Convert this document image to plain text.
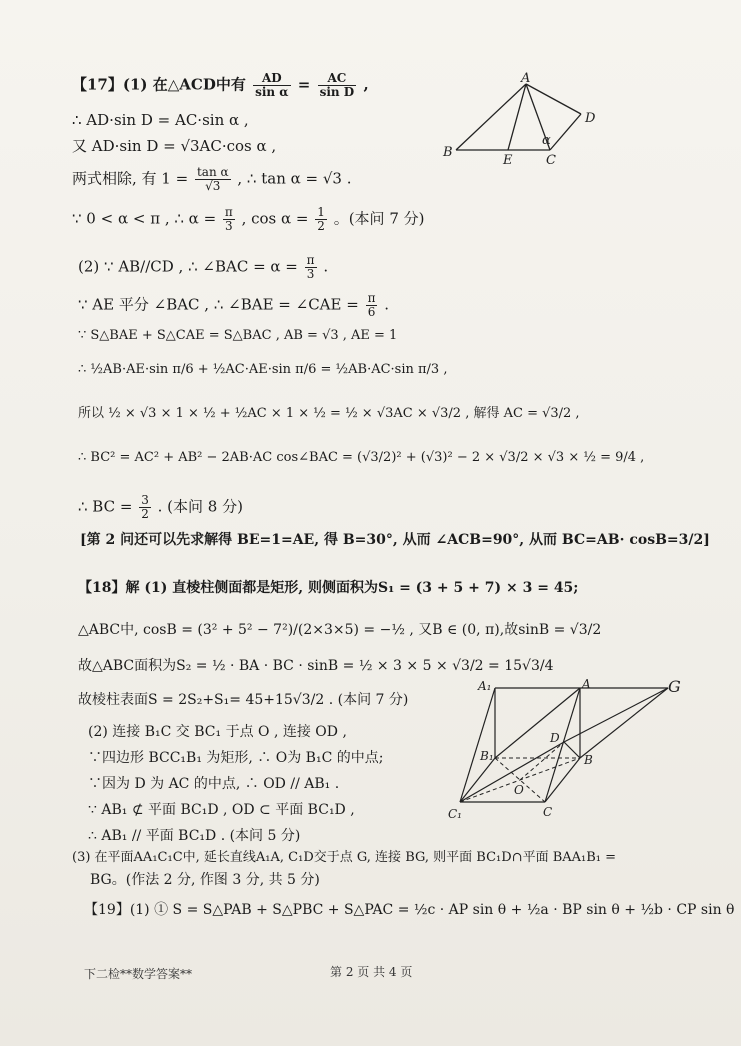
【17】(1) 在△ACD中有 $\frac{AD}{\text{sin α}} = \frac{AC}{\text{sin D}}$ ,
∴ AD·sin D = AC·sin α ,
又 AD·sin D = √3AC·cos α ,
两式相除, 有 $1 = \frac{\text{tan α}}{√3}$ , ∴ tan α = √3 .
∵ 0 < α < π , ∴ $\alpha = \frac{\pi}{3}$ , $\cos \alpha = \frac{1}{2}$ 。(本问 7 分)
A
B
C
D
E
α
(2) ∵ AB//CD , ∴ ∠BAC = $\alpha = \frac{\pi}{3}$ .
∵ AE 平分 ∠BAC , ∴ ∠BAE = ∠CAE = $\frac{\pi}{6}$ .
∵ S△BAE + S△CAE = S△BAC , AB = √3 , AE = 1
∴ ½AB·AE·sin π/6 + ½AC·AE·sin π/6 = ½AB·AC·sin π/3 ,
所以 ½ × √3 × 1 × ½ + ½AC × 1 × ½ = ½ × √3AC × √3/2 , 解得 AC = √3/2 ,
∴ BC² = AC² + AB² − 2AB·AC cos∠BAC = (√3/2)² + (√3)² − 2 × √3/2 × √3 × ½ = 9/4 ,
∴ BC = $\frac{3}{2}$ . (本问 8 分)
[第 2 问还可以先求解得 BE=1=AE, 得 B=30°, 从而 ∠ACB=90°, 从而 BC=AB· cosB=3/2]
【18】解 (1) 直棱柱侧面都是矩形, 则侧面积为S₁ = (3 + 5 + 7) × 3 = 45;
△ABC中, cosB = (3² + 5² − 7²)/(2×3×5) = −½ , 又B ∈ (0, π),故sinB = √3/2
故△ABC面积为S₂ = ½ · BA · BC · sinB = ½ × 3 × 5 × √3/2 = 15√3/4
故棱柱表面S = 2S₂+S₁= 45+15√3/2 . (本问 7 分)
(2) 连接 B₁C 交 BC₁ 于点 O , 连接 OD ,
∵四边形 BCC₁B₁ 为矩形, ∴ O为 B₁C 的中点;
∵因为 D 为 AC 的中点, ∴ OD // AB₁ .
∵ AB₁ ⊄ 平面 BC₁D , OD ⊂ 平面 BC₁D ,
∴ AB₁ // 平面 BC₁D . (本问 5 分)
(3) 在平面AA₁C₁C中, 延长直线A₁A, C₁D交于点 G, 连接 BG, 则平面 BC₁D∩平面 BAA₁B₁ =
BG。(作法 2 分, 作图 3 分, 共 5 分)
A₁	A	G
B₁	B
C₁	C
D
O
【19】(1) ① S = S△PAB + S△PBC + S△PAC = ½c · AP sin θ + ½a · BP sin θ + ½b · CP sin θ
下二检**数学答案**	第 2 页 共 4 页
